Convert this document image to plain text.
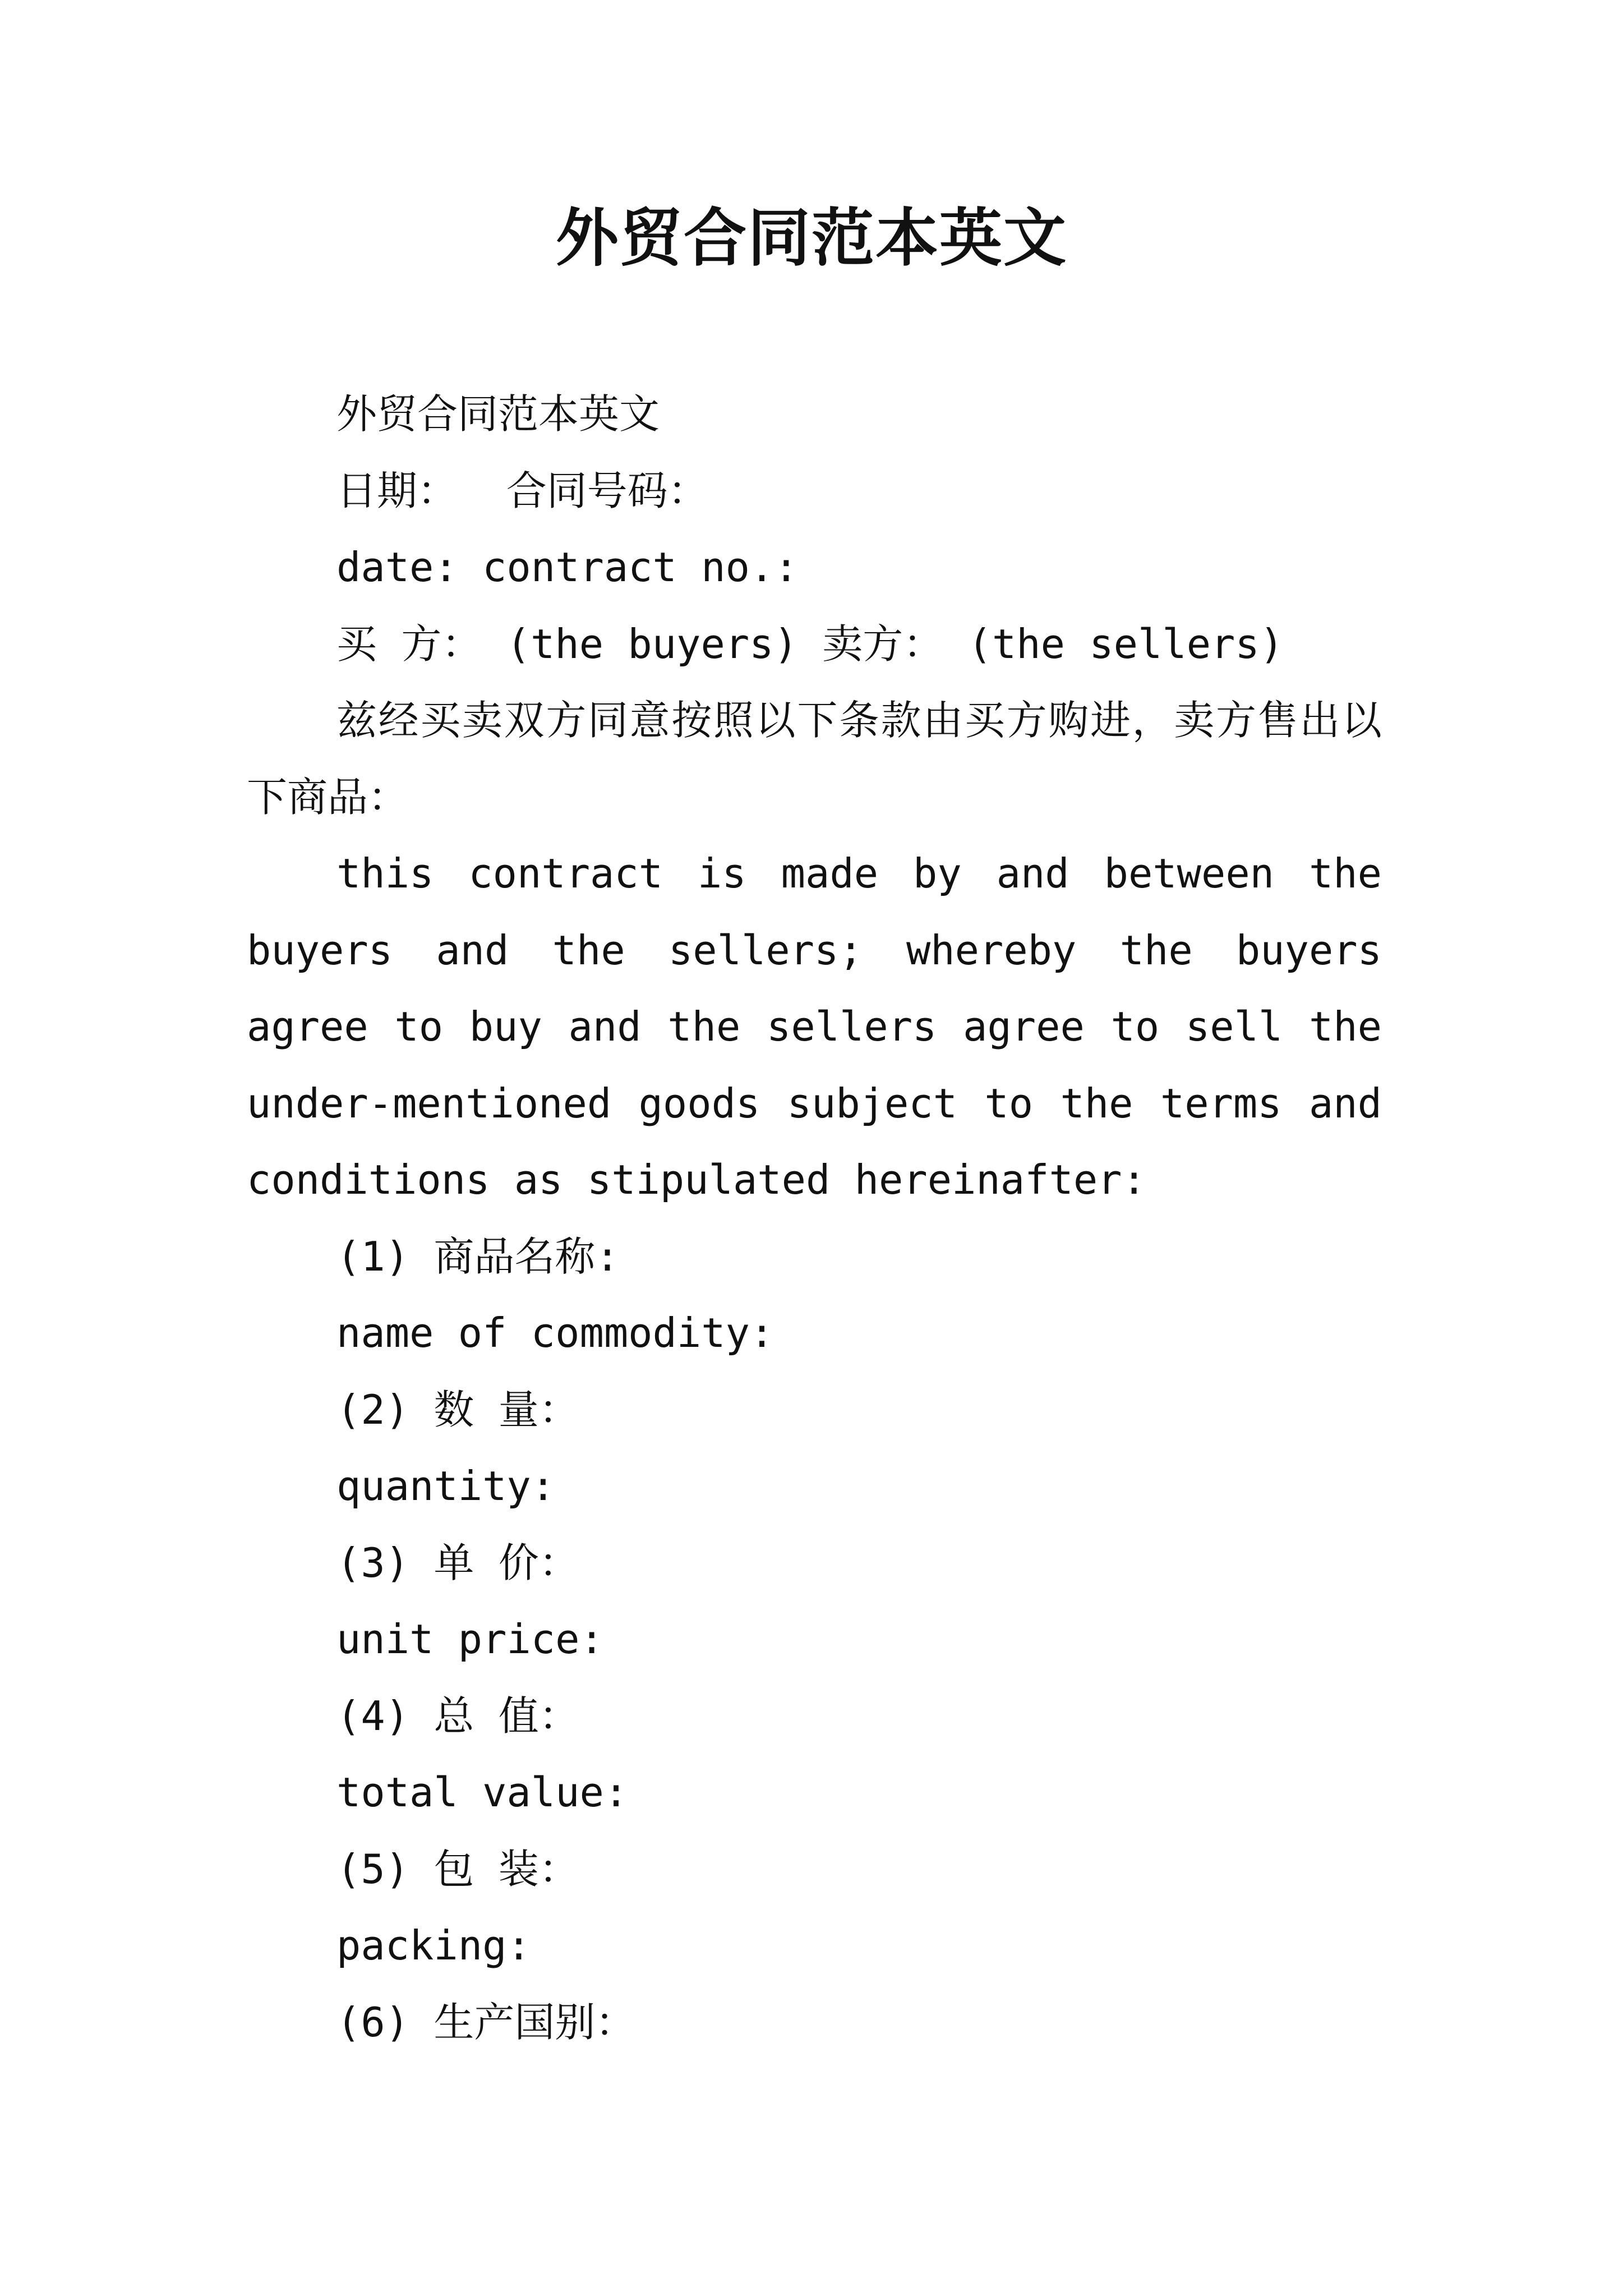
外贸合同范本英文

外贸合同范本英文

日期：  合同号码：

date: contract no.:

买 方： (the buyers) 卖方： (the sellers)

兹经买卖双方同意按照以下条款由买方购进，卖方售出以下商品：

this contract is made by and between the buyers and the sellers; whereby the buyers agree to buy and the sellers agree to sell the under-mentioned goods subject to the terms and conditions as stipulated hereinafter:

(1) 商品名称:

name of commodity:

(2) 数 量：

quantity:

(3) 单 价：

unit price:

(4) 总 值：

total value:

(5) 包 装：

packing:

(6) 生产国别：
